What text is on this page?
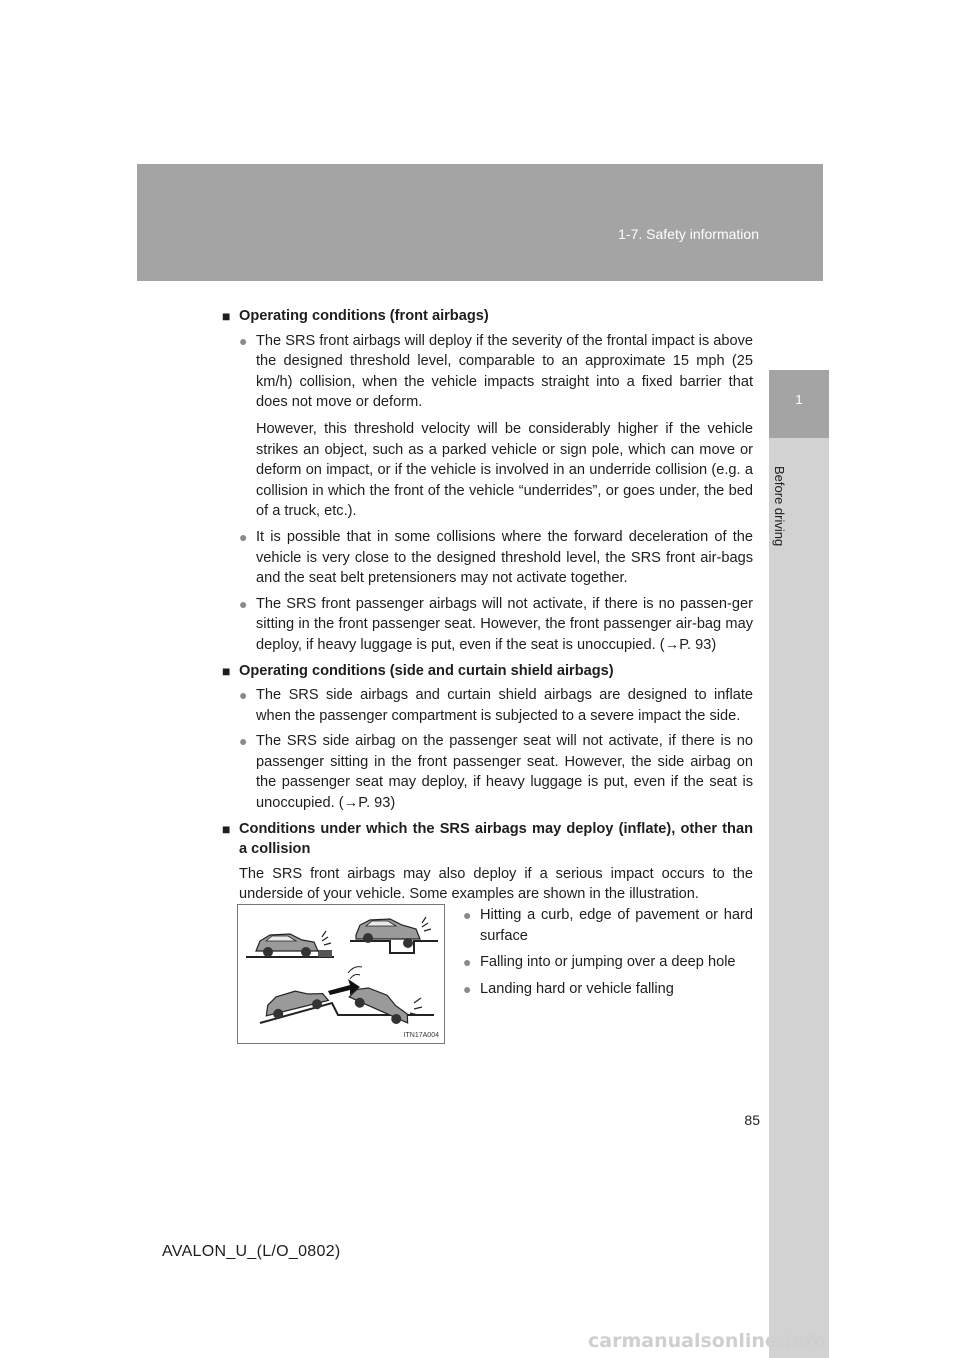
1-7. Safety information
1
Before driving
■ Operating conditions (front airbags)
● The SRS front airbags will deploy if the severity of the frontal impact is above the designed threshold level, comparable to an approximate 15 mph (25 km/h) collision, when the vehicle impacts straight into a fixed barrier that does not move or deform.
However, this threshold velocity will be considerably higher if the vehicle strikes an object, such as a parked vehicle or sign pole, which can move or deform on impact, or if the vehicle is involved in an underride collision (e.g. a collision in which the front of the vehicle “underrides”, or goes under, the bed of a truck, etc.).
● It is possible that in some collisions where the forward deceleration of the vehicle is very close to the designed threshold level, the SRS front air-bags and the seat belt pretensioners may not activate together.
● The SRS front passenger airbags will not activate, if there is no passen-ger sitting in the front passenger seat. However, the front passenger air-bag may deploy, if heavy luggage is put, even if the seat is unoccupied. (→P. 93)
■ Operating conditions (side and curtain shield airbags)
● The SRS side airbags and curtain shield airbags are designed to inflate when the passenger compartment is subjected to a severe impact the side.
● The SRS side airbag on the passenger seat will not activate, if there is no passenger sitting in the front passenger seat. However, the side airbag on the passenger seat may deploy, if heavy luggage is put, even if the seat is unoccupied. (→P. 93)
■ Conditions under which the SRS airbags may deploy (inflate), other than a collision
The SRS front airbags may also deploy if a serious impact occurs to the underside of your vehicle. Some examples are shown in the illustration.
ITN17A004
● Hitting a curb, edge of pavement or hard surface
● Falling into or jumping over a deep hole
● Landing hard or vehicle falling
85
AVALON_U_(L/O_0802)
carmanualsonline.info
